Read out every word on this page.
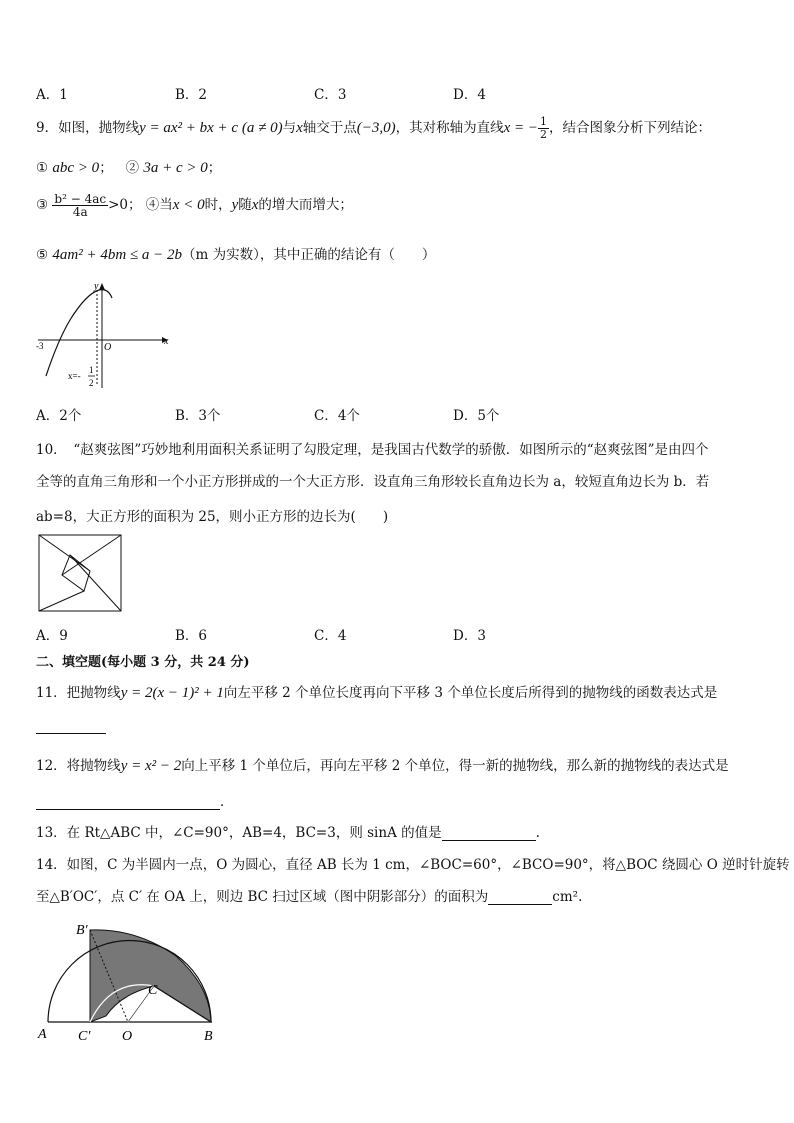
A．1	B．2	C．3	D．4
9．如图，抛物线y = ax² + bx + c (a ≠ 0)与x轴交于点(−3,0)，其对称轴为直线x = − $\frac{1}{2}$ ，结合图象分析下列结论：
① abc > 0； ② 3a + c > 0；
③ $\frac{\text{b² − 4ac}}{4a} >0$； ④当x < 0时，y随x的增大而增大；
⑤ 4am² + 4bm ≤ a − 2b（m 为实数），其中正确的结论有（　　）
y
x
O
-3
x=-
1
2
A．2个	B．3个	C．4个	D．5个
10．　“赵爽弦图”巧妙地利用面积关系证明了勾股定理，是我国古代数学的骄傲．如图所示的“赵爽弦图”是由四个
全等的直角三角形和一个小正方形拼成的一个大正方形．设直角三角形较长直角边长为 a，较短直角边长为 b．若
ab=8，大正方形的面积为 25，则小正方形的边长为(　　)
A．9	B．6	C．4	D．3
二、填空题(每小题 3 分，共 24 分)
11．把抛物线y = 2(x − 1)² + 1向左平移 2 个单位长度再向下平移 3 个单位长度后所得到的抛物线的函数表达式是
12．将抛物线y = x² − 2向上平移 1 个单位后，再向左平移 2 个单位，得一新的抛物线，那么新的抛物线的表达式是
．
13．在 Rt△ABC 中，∠C=90°，AB=4，BC=3，则 sinA 的值是	.
14．如图，C 为半圆内一点，O 为圆心，直径 AB 长为 1 cm，∠BOC=60°，∠BCO=90°，将△BOC 绕圆心 O 逆时针旋转
至△B′OC′，点 C′ 在 OA 上，则边 BC 扫过区域（图中阴影部分）的面积为	cm².
A C′ O	B
C
B′
